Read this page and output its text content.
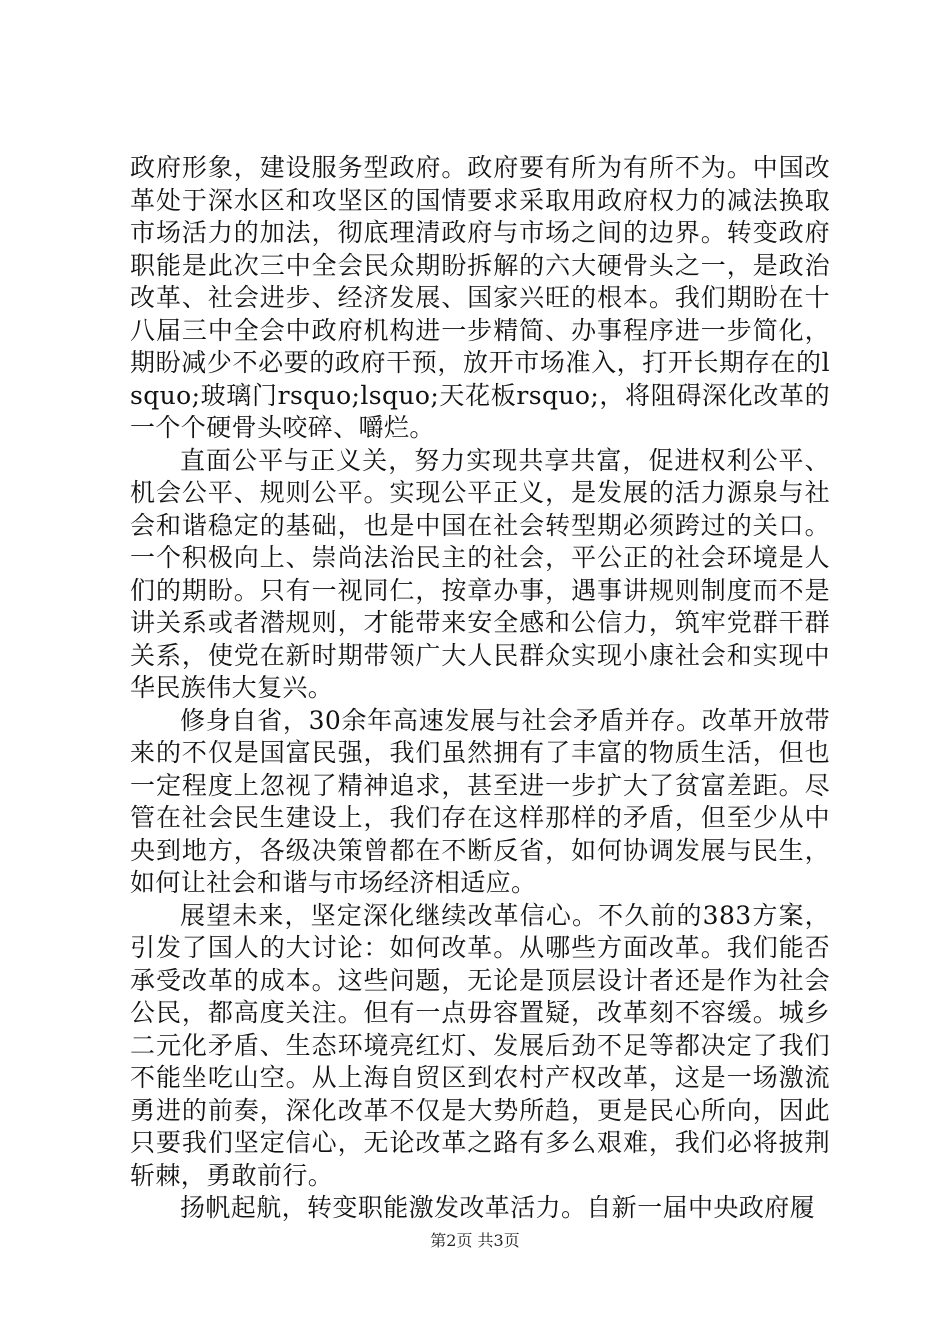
政府形象，建设服务型政府。政府要有所为有所不为。中国改革处于深水区和攻坚区的国情要求采取用政府权力的减法换取市场活力的加法，彻底理清政府与市场之间的边界。转变政府职能是此次三中全会民众期盼拆解的六大硬骨头之一，是政治改革、社会进步、经济发展、国家兴旺的根本。我们期盼在十八届三中全会中政府机构进一步精简、办事程序进一步简化，期盼减少不必要的政府干预，放开市场准入，打开长期存在的lsquo;玻璃门rsquo;lsquo;天花板rsquo;，将阻碍深化改革的一个个硬骨头咬碎、嚼烂。

直面公平与正义关，努力实现共享共富，促进权利公平、机会公平、规则公平。实现公平正义，是发展的活力源泉与社会和谐稳定的基础，也是中国在社会转型期必须跨过的关口。一个积极向上、崇尚法治民主的社会，平公正的社会环境是人们的期盼。只有一视同仁，按章办事，遇事讲规则制度而不是讲关系或者潜规则，才能带来安全感和公信力，筑牢党群干群关系，使党在新时期带领广大人民群众实现小康社会和实现中华民族伟大复兴。

修身自省，30余年高速发展与社会矛盾并存。改革开放带来的不仅是国富民强，我们虽然拥有了丰富的物质生活，但也一定程度上忽视了精神追求，甚至进一步扩大了贫富差距。尽管在社会民生建设上，我们存在这样那样的矛盾，但至少从中央到地方，各级决策曾都在不断反省，如何协调发展与民生，如何让社会和谐与市场经济相适应。

展望未来，坚定深化继续改革信心。不久前的383方案，引发了国人的大讨论：如何改革。从哪些方面改革。我们能否承受改革的成本。这些问题，无论是顶层设计者还是作为社会公民，都高度关注。但有一点毋容置疑，改革刻不容缓。城乡二元化矛盾、生态环境亮红灯、发展后劲不足等都决定了我们不能坐吃山空。从上海自贸区到农村产权改革，这是一场激流勇进的前奏，深化改革不仅是大势所趋，更是民心所向，因此只要我们坚定信心，无论改革之路有多么艰难，我们必将披荆斩棘，勇敢前行。

扬帆起航，转变职能激发改革活力。自新一届中央政府履

第2页 共3页
